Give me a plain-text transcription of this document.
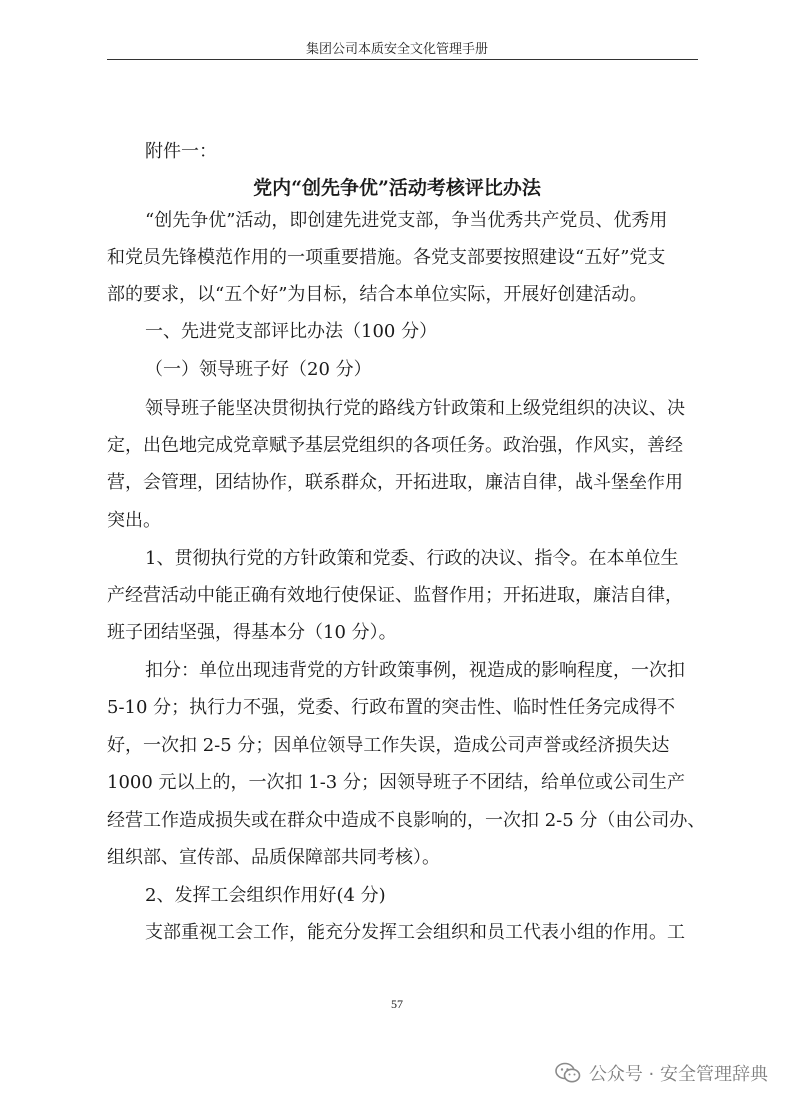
集团公司本质安全文化管理手册
附件一：
党内“创先争优”活动考核评比办法
“创先争优”活动，即创建先进党支部，争当优秀共产党员、优秀用
和党员先锋模范作用的一项重要措施。各党支部要按照建设“五好”党支
部的要求，以“五个好”为目标，结合本单位实际，开展好创建活动。
一、先进党支部评比办法（100 分）
（一）领导班子好（20 分）
领导班子能坚决贯彻执行党的路线方针政策和上级党组织的决议、决
定，出色地完成党章赋予基层党组织的各项任务。政治强，作风实，善经
营，会管理，团结协作，联系群众，开拓进取，廉洁自律，战斗堡垒作用
突出。
1、贯彻执行党的方针政策和党委、行政的决议、指令。在本单位生
产经营活动中能正确有效地行使保证、监督作用；开拓进取，廉洁自律，
班子团结坚强，得基本分（10 分）。
扣分：单位出现违背党的方针政策事例，视造成的影响程度，一次扣
5-10 分；执行力不强，党委、行政布置的突击性、临时性任务完成得不
好，一次扣 2-5 分；因单位领导工作失误，造成公司声誉或经济损失达
1000 元以上的，一次扣 1-3 分；因领导班子不团结，给单位或公司生产
经营工作造成损失或在群众中造成不良影响的，一次扣 2-5 分（由公司办、
组织部、宣传部、品质保障部共同考核）。
2、发挥工会组织作用好(4 分)
支部重视工会工作，能充分发挥工会组织和员工代表小组的作用。工
57
公众号 · 安全管理辞典
